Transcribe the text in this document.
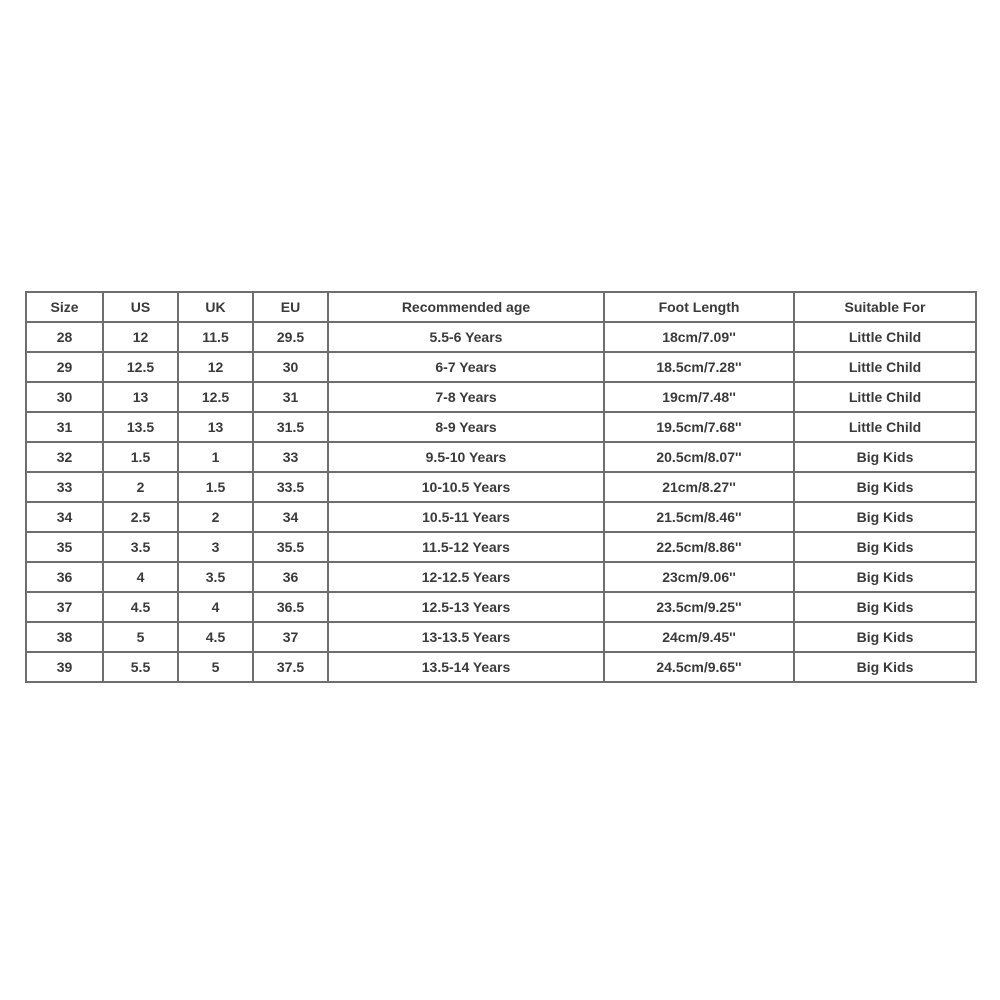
Size	US	UK	EU	Recommended age	Foot Length	Suitable For
28	12	11.5	29.5	5.5-6 Years	18cm/7.09''	Little Child
29	12.5	12	30	6-7 Years	18.5cm/7.28''	Little Child
30	13	12.5	31	7-8 Years	19cm/7.48''	Little Child
31	13.5	13	31.5	8-9 Years	19.5cm/7.68''	Little Child
32	1.5	1	33	9.5-10 Years	20.5cm/8.07''	Big Kids
33	2	1.5	33.5	10-10.5 Years	21cm/8.27''	Big Kids
34	2.5	2	34	10.5-11 Years	21.5cm/8.46''	Big Kids
35	3.5	3	35.5	11.5-12 Years	22.5cm/8.86''	Big Kids
36	4	3.5	36	12-12.5 Years	23cm/9.06''	Big Kids
37	4.5	4	36.5	12.5-13 Years	23.5cm/9.25''	Big Kids
38	5	4.5	37	13-13.5 Years	24cm/9.45''	Big Kids
39	5.5	5	37.5	13.5-14 Years	24.5cm/9.65''	Big Kids
